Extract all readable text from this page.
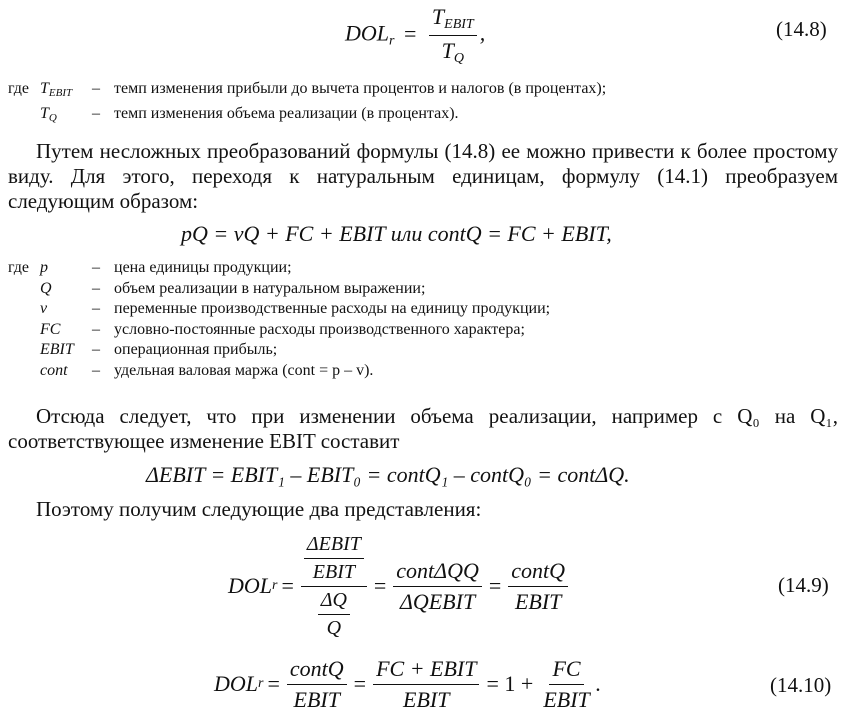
$DOL_r = \frac{T_{EBIT}}{T_Q}$ ,	(14.8)
где $T_{EBIT}$	– темп изменения прибыли до вычета процентов и налогов (в процентах);
$T_Q$	– темп изменения объема реализации (в процентах).
Путем несложных преобразований формулы (14.8) ее можно привести к более простому виду. Для этого, переходя к натуральным единицам, формулу (14.1) преобразуем следующим образом:
pQ = vQ + FC + EBIT или contQ = FC + EBIT,
где p	– цена единицы продукции;
Q	– объем реализации в натуральном выражении;
v	– переменные производственные расходы на единицу продукции;
FC	– условно-постоянные расходы производственного характера;
EBIT	– операционная прибыль;
cont	– удельная валовая маржа (cont = p – v).
Отсюда следует, что при изменении объема реализации, например с Q₀ на Q₁, соответствующее изменение EBIT составит
ΔEBIT = EBIT₁ – EBIT₀ = contQ₁ – contQ₀ = contΔQ.
Поэтому получим следующие два представления:
DOL $r = \frac{\frac{\text{ΔEBIT}}{\text{EBIT}}}{\frac{\Delta Q}{Q}} = \frac{\text{contΔQQ}}{\text{ΔQEBIT}} = \frac{\text{contQ}}{\text{EBIT}}$	(14.9)
DOL $r = \frac{\text{contQ}}{\text{EBIT}} = \frac{\text{FC + EBIT}}{\text{EBIT}} = 1 + \frac{FC}{\text{EBIT}}$ .	(14.10)
